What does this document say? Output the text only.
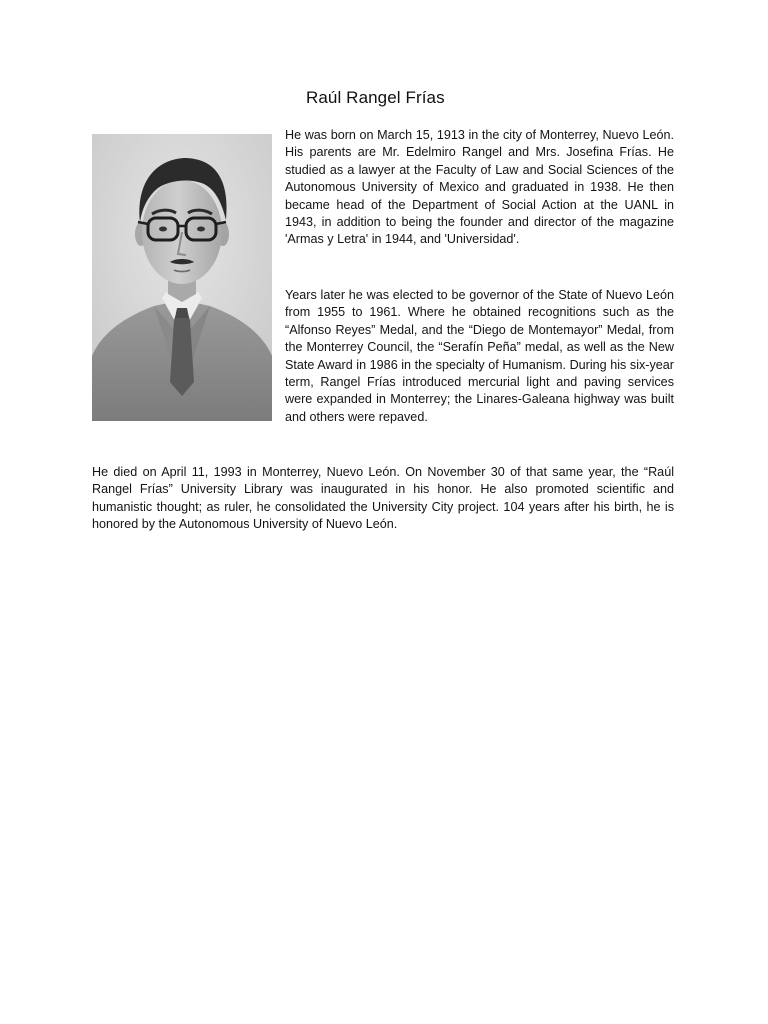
Raúl Rangel Frías

He was born on March 15, 1913 in the city of Monterrey, Nuevo León. His parents are Mr. Edelmiro Rangel and Mrs. Josefina Frías. He studied as a lawyer at the Faculty of Law and Social Sciences of the Autonomous University of Mexico and graduated in 1938. He then became head of the Department of Social Action at the UANL in 1943, in addition to being the founder and director of the magazine 'Armas y Letra' in 1944, and 'Universidad'.

Years later he was elected to be governor of the State of Nuevo León from 1955 to 1961. Where he obtained recognitions such as the “Alfonso Reyes” Medal, and the “Diego de Montemayor” Medal, from the Monterrey Council, the “Serafín Peña” medal, as well as the New State Award in 1986 in the specialty of Humanism. During his six-year term, Rangel Frías introduced mercurial light and paving services were expanded in Monterrey; the Linares-Galeana highway was built and others were repaved.

He died on April 11, 1993 in Monterrey, Nuevo León. On November 30 of that same year, the “Raúl Rangel Frías” University Library was inaugurated in his honor. He also promoted scientific and humanistic thought; as ruler, he consolidated the University City project. 104 years after his birth, he is honored by the Autonomous University of Nuevo León.
